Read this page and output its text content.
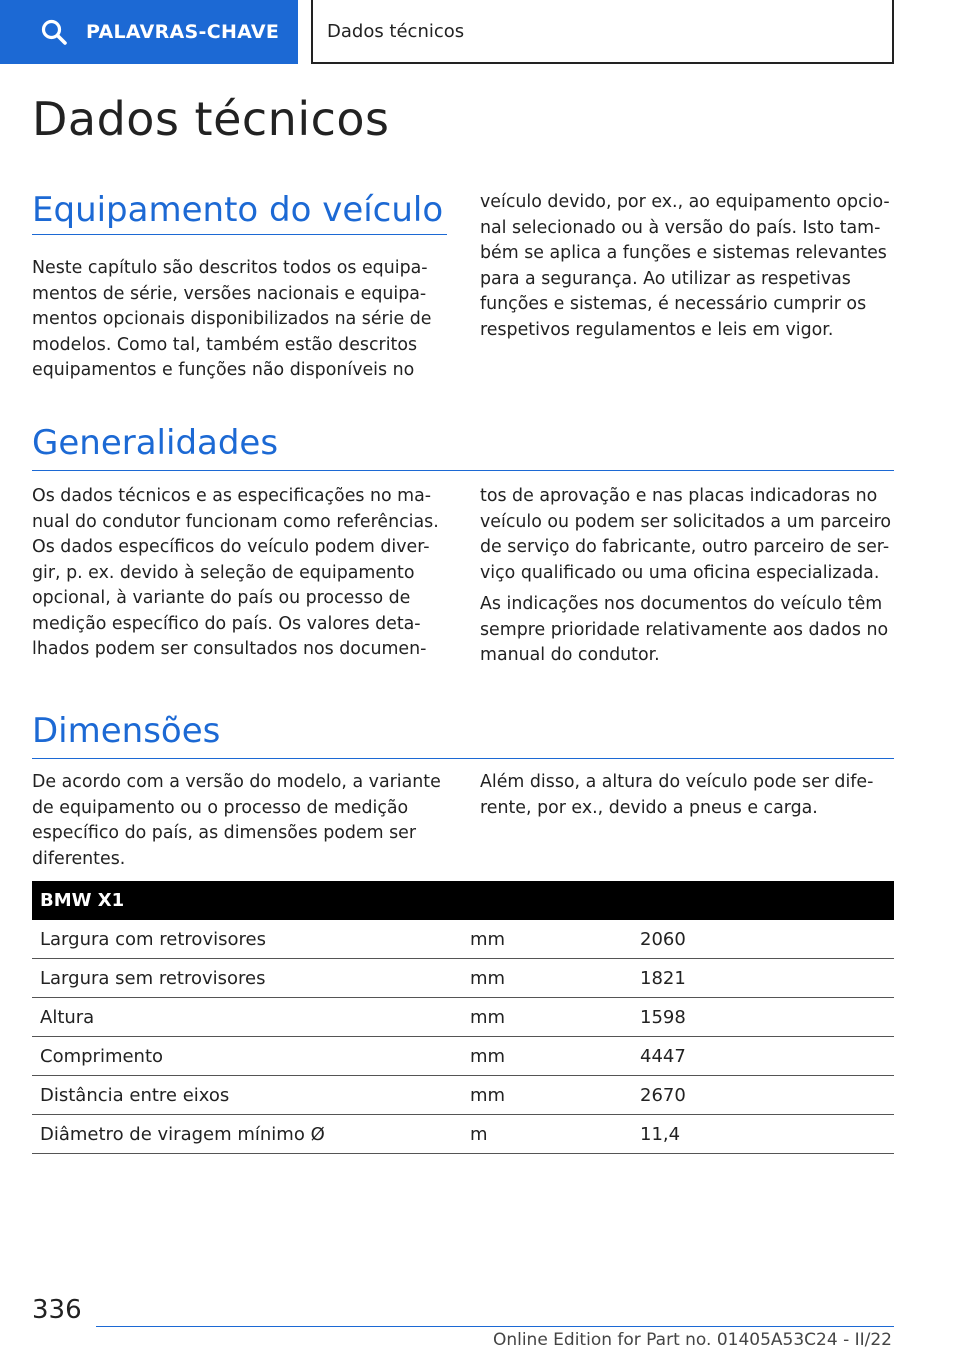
PALAVRAS-CHAVE	Dados técnicos
Dados técnicos
Equipamento do veículo

Neste capítulo são descritos todos os equipa-mentos de série, versões nacionais e equipa-mentos opcionais disponibilizados na série de modelos. Como tal, também estão descritos equipamentos e funções não disponíveis no

veículo devido, por ex., ao equipamento opcio-nal selecionado ou à versão do país. Isto tam-bém se aplica a funções e sistemas relevantes para a segurança. Ao utilizar as respetivas funções e sistemas, é necessário cumprir os respetivos regulamentos e leis em vigor.

Generalidades

Os dados técnicos e as especificações no ma-nual do condutor funcionam como referências. Os dados específicos do veículo podem diver-gir, p. ex. devido à seleção de equipamento opcional, à variante do país ou processo de medição específico do país. Os valores deta-lhados podem ser consultados nos documen-

tos de aprovação e nas placas indicadoras no veículo ou podem ser solicitados a um parceiro de serviço do fabricante, outro parceiro de ser-viço qualificado ou uma oficina especializada.

As indicações nos documentos do veículo têm sempre prioridade relativamente aos dados no manual do condutor.

Dimensões

De acordo com a versão do modelo, a variante de equipamento ou o processo de medição específico do país, as dimensões podem ser diferentes.

Além disso, a altura do veículo pode ser dife-rente, por ex., devido a pneus e carga.

BMW X1		
Largura com retrovisores	mm	2060
Largura sem retrovisores	mm	1821
Altura	mm	1598
Comprimento	mm	4447
Distância entre eixos	mm	2670
Diâmetro de viragem mínimo Ø	m	11,4
336
Online Edition for Part no. 01405A53C24 - II/22
